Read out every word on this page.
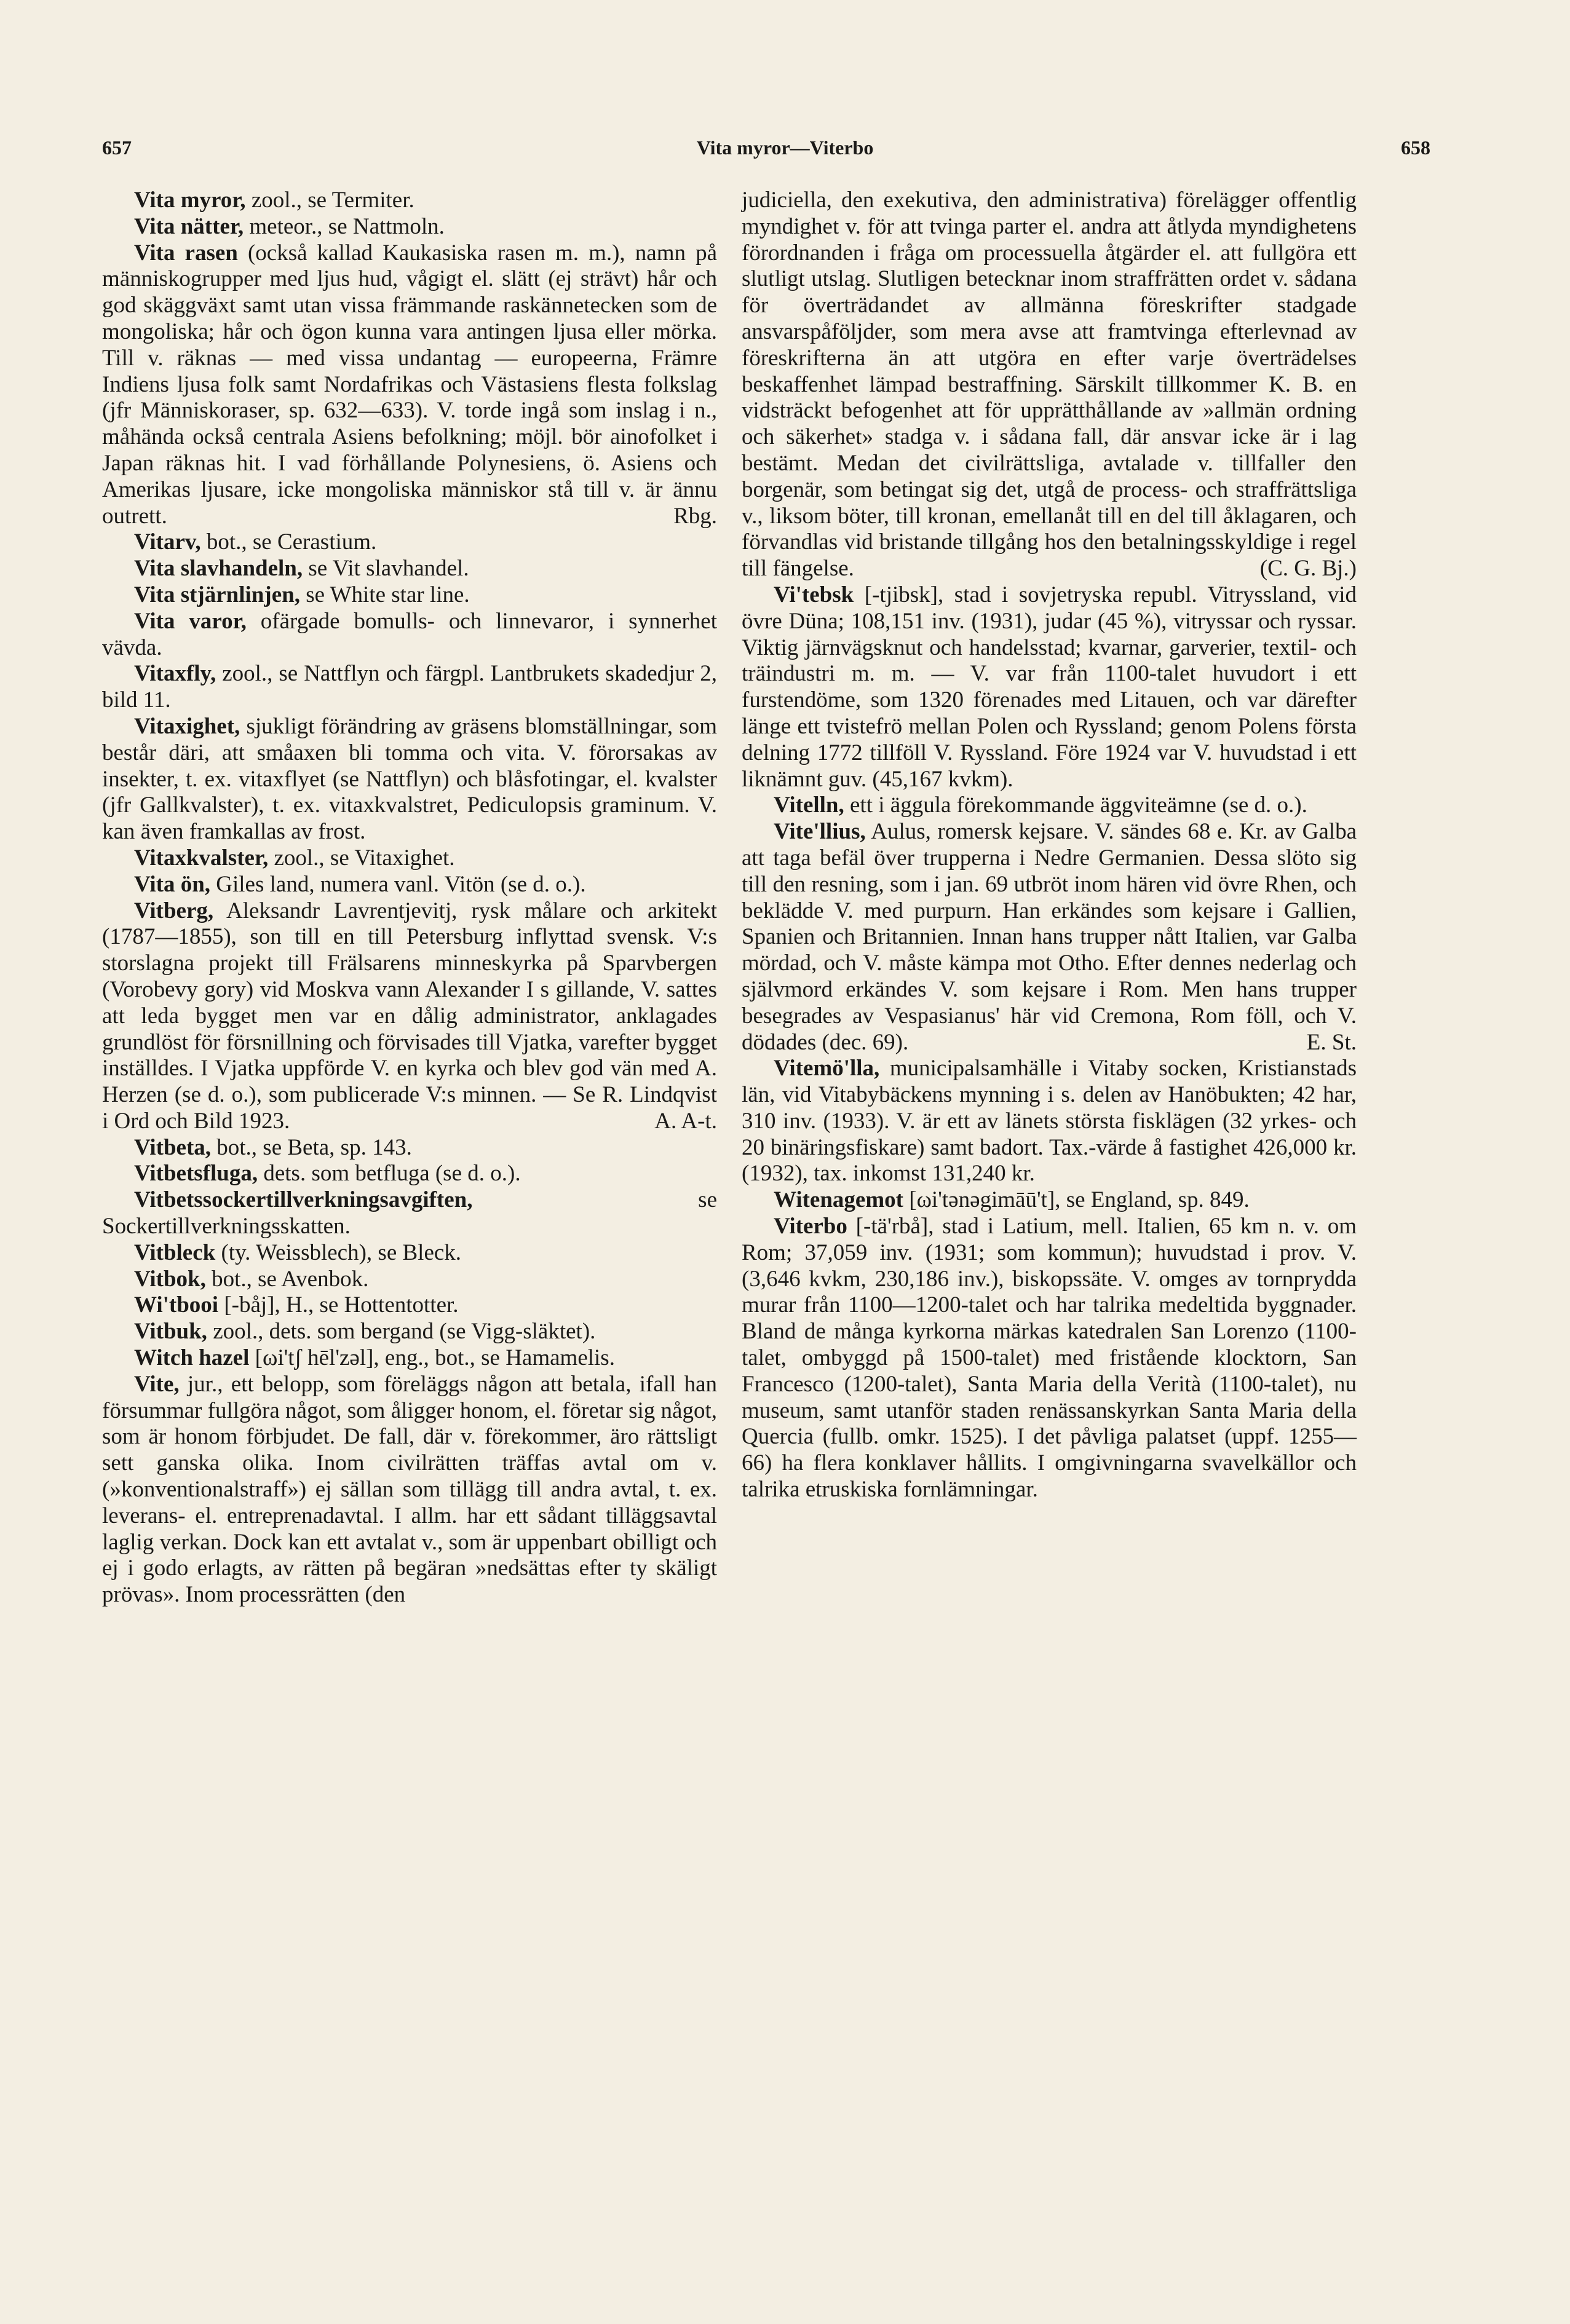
657	Vita myror—Viterbo	658

Vita myror, zool., se Termiter.

Vita nätter, meteor., se Nattmoln.

Vita rasen (också kallad Kaukasiska rasen m. m.), namn på människogrupper med ljus hud, vågigt el. slätt (ej strävt) hår och god skäggväxt samt utan vissa främmande raskännetecken som de mongoliska; hår och ögon kunna vara antingen ljusa eller mörka. Till v. räknas — med vissa undantag — europeerna, Främre Indiens ljusa folk samt Nordafrikas och Västasiens flesta folkslag (jfr Människoraser, sp. 632—633). V. torde ingå som inslag i n., måhända också centrala Asiens befolkning; möjl. bör ainofolket i Japan räknas hit. I vad förhållande Polynesiens, ö. Asiens och Amerikas ljusare, icke mongoliska människor stå till v. är ännu outrett.	Rbg.

Vitarv, bot., se Cerastium.

Vita slavhandeln, se Vit slavhandel.

Vita stjärnlinjen, se White star line.

Vita varor, ofärgade bomulls- och linnevaror, i synnerhet vävda.

Vitaxfly, zool., se Nattflyn och färgpl. Lantbrukets skadedjur 2, bild 11.

Vitaxighet, sjukligt förändring av gräsens blomställningar, som består däri, att småaxen bli tomma och vita. V. förorsakas av insekter, t. ex. vitaxflyet (se Nattflyn) och blåsfotingar, el. kvalster (jfr Gallkvalster), t. ex. vitaxkvalstret, Pediculopsis graminum. V. kan även framkallas av frost.

Vitaxkvalster, zool., se Vitaxighet.

Vita ön, Giles land, numera vanl. Vitön (se d. o.).

Vitberg, Aleksandr Lavrentjevitj, rysk målare och arkitekt (1787—1855), son till en till Petersburg inflyttad svensk. V:s storslagna projekt till Frälsarens minneskyrka på Sparvbergen (Vorobevy gory) vid Moskva vann Alexander I s gillande, V. sattes att leda bygget men var en dålig administrator, anklagades grundlöst för försnillning och förvisades till Vjatka, varefter bygget inställdes. I Vjatka uppförde V. en kyrka och blev god vän med A. Herzen (se d. o.), som publicerade V:s minnen. — Se R. Lindqvist i Ord och Bild 1923.	A. A-t.

Vitbeta, bot., se Beta, sp. 143.

Vitbetsfluga, dets. som betfluga (se d. o.).

Vitbetssockertillverkningsavgiften, se Sockertillverkningsskatten.

Vitbleck (ty. Weissblech), se Bleck.

Vitbok, bot., se Avenbok.

Wi'tbooi [-båj], H., se Hottentotter.

Vitbuk, zool., dets. som bergand (se Vigg-släktet).

Witch hazel [ωi'tʃ hēl'zəl], eng., bot., se Hamamelis.

Vite, jur., ett belopp, som föreläggs någon att betala, ifall han försummar fullgöra något, som åligger honom, el. företar sig något, som är honom förbjudet. De fall, där v. förekommer, äro rättsligt sett ganska olika. Inom civilrätten träffas avtal om v. (»konventionalstraff») ej sällan som tillägg till andra avtal, t. ex. leverans- el. entreprenadavtal. I allm. har ett sådant tilläggsavtal laglig verkan. Dock kan ett avtalat v., som är uppenbart obilligt och ej i godo erlagts, av rätten på begäran »nedsättas efter ty skäligt prövas». Inom processrätten (den

judiciella, den exekutiva, den administrativa) förelägger offentlig myndighet v. för att tvinga parter el. andra att åtlyda myndighetens förordnanden i fråga om processuella åtgärder el. att fullgöra ett slutligt utslag. Slutligen betecknar inom straffrätten ordet v. sådana för överträdandet av allmänna föreskrifter stadgade ansvarspåföljder, som mera avse att framtvinga efterlevnad av föreskrifterna än att utgöra en efter varje överträdelses beskaffenhet lämpad bestraffning. Särskilt tillkommer K. B. en vidsträckt befogenhet att för upprätthållande av »allmän ordning och säkerhet» stadga v. i sådana fall, där ansvar icke är i lag bestämt. Medan det civilrättsliga, avtalade v. tillfaller den borgenär, som betingat sig det, utgå de process- och straffrättsliga v., liksom böter, till kronan, emellanåt till en del till åklagaren, och förvandlas vid bristande tillgång hos den betalningsskyldige i regel till fängelse.	(C. G. Bj.)

Vi'tebsk [-tjibsk], stad i sovjetryska republ. Vitryssland, vid övre Düna; 108,151 inv. (1931), judar (45 %), vitryssar och ryssar. Viktig järnvägsknut och handelsstad; kvarnar, garverier, textil- och träindustri m. m. — V. var från 1100-talet huvudort i ett furstendöme, som 1320 förenades med Litauen, och var därefter länge ett tvistefrö mellan Polen och Ryssland; genom Polens första delning 1772 tillföll V. Ryssland. Före 1924 var V. huvudstad i ett liknämnt guv. (45,167 kvkm).

Vitelln, ett i äggula förekommande äggviteämne (se d. o.).

Vite'llius, Aulus, romersk kejsare. V. sändes 68 e. Kr. av Galba att taga befäl över trupperna i Nedre Germanien. Dessa slöto sig till den resning, som i jan. 69 utbröt inom hären vid övre Rhen, och beklädde V. med purpurn. Han erkändes som kejsare i Gallien, Spanien och Britannien. Innan hans trupper nått Italien, var Galba mördad, och V. måste kämpa mot Otho. Efter dennes nederlag och självmord erkändes V. som kejsare i Rom. Men hans trupper besegrades av Vespasianus' här vid Cremona, Rom föll, och V. dödades (dec. 69).	E. St.

Vitemö'lla, municipalsamhälle i Vitaby socken, Kristianstads län, vid Vitabybäckens mynning i s. delen av Hanöbukten; 42 har, 310 inv. (1933). V. är ett av länets största fisklägen (32 yrkes- och 20 binäringsfiskare) samt badort. Tax.-värde å fastighet 426,000 kr. (1932), tax. inkomst 131,240 kr.

Witenagemot [ωi'tənəgimāū't], se England, sp. 849.

Viterbo [-tä'rbå], stad i Latium, mell. Italien, 65 km n. v. om Rom; 37,059 inv. (1931; som kommun); huvudstad i prov. V. (3,646 kvkm, 230,186 inv.), biskopssäte. V. omges av tornprydda murar från 1100—1200-talet och har talrika medeltida byggnader. Bland de många kyrkorna märkas katedralen San Lorenzo (1100-talet, ombyggd på 1500-talet) med fristående klocktorn, San Francesco (1200-talet), Santa Maria della Verità (1100-talet), nu museum, samt utanför staden renässanskyrkan Santa Maria della Quercia (fullb. omkr. 1525). I det påvliga palatset (uppf. 1255—66) ha flera konklaver hållits. I omgivningarna svavelkällor och talrika etruskiska fornlämningar.
